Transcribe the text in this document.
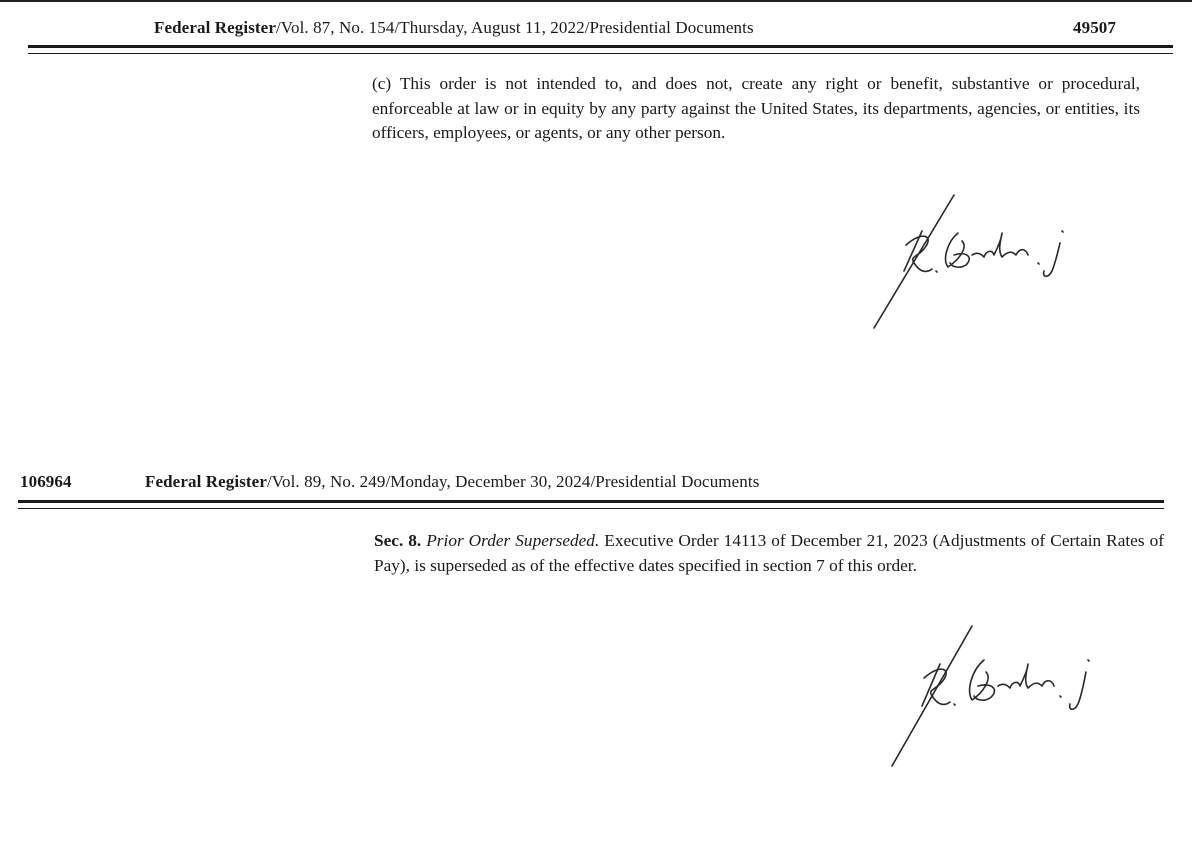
Federal Register/Vol. 87, No. 154/Thursday, August 11, 2022/Presidential Documents	49507

(c) This order is not intended to, and does not, create any right or benefit, substantive or procedural, enforceable at law or in equity by any party against the United States, its departments, agencies, or entities, its officers, employees, or agents, or any other person.

106964	Federal Register/Vol. 89, No. 249/Monday, December 30, 2024/Presidential Documents

Sec. 8. Prior Order Superseded. Executive Order 14113 of December 21, 2023 (Adjustments of Certain Rates of Pay), is superseded as of the effective dates specified in section 7 of this order.
